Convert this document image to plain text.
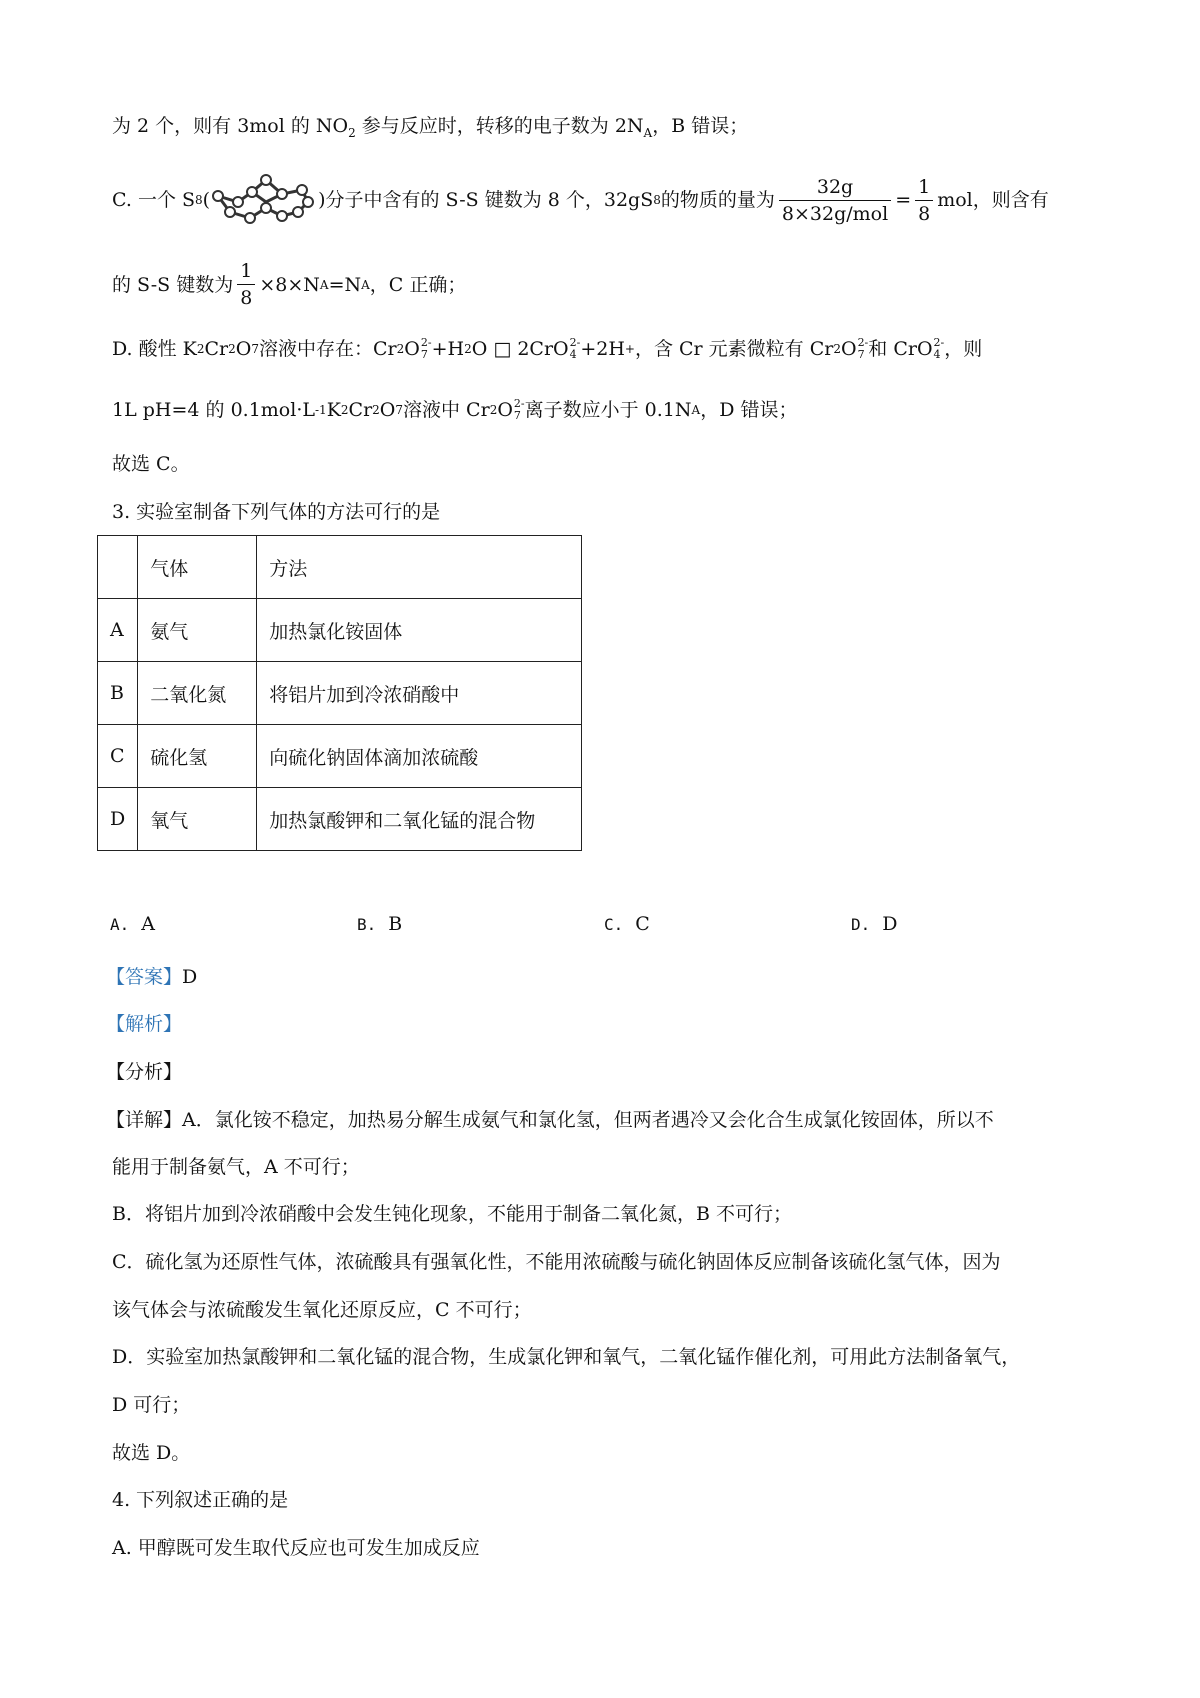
为 2 个，则有 3mol 的 $NO_2$ 参与反应时，转移的电子数为 $2N_A$，B 错误；
C. 一个 S 8 (	) 分子中含有的 S-S 键数为 8 个，32gS 8 的物质的量为 $\frac{32g}{\text{8×32g/mol}} = \frac{1}{8}$ mol，则含有
的 S-S 键数为 $\frac{1}{8} \times 8\times N$ A =N A ，C 正确；
D. 酸性 K 2 Cr 2 O 7 溶液中存在： Cr 2 O 2-
7 +H 2 O □ 2CrO 2-
4 +2H + ，含 Cr 元素微粒有 Cr 2 O 2-
7 和 CrO 2-
4 ，则
1L pH=4 的 0.1mol·L -1 K 2 Cr 2 O 7 溶液中 Cr 2 O 2-
7 离子数应小于 0.1N A ，D 错误；
故选 C。
3. 实验室制备下列气体的方法可行的是
	气体	方法
A	氨气	加热氯化铵固体
B	二氧化氮	将铝片加到冷浓硝酸中
C	硫化氢	向硫化钠固体滴加浓硫酸
D	氧气	加热氯酸钾和二氧化锰的混合物
A. A	B. B	C. C	D. D
【答案】D
【解析】
【分析】
【详解】A．氯化铵不稳定，加热易分解生成氨气和氯化氢，但两者遇冷又会化合生成氯化铵固体，所以不
能用于制备氨气，A 不可行；
B．将铝片加到冷浓硝酸中会发生钝化现象，不能用于制备二氧化氮，B 不可行；
C．硫化氢为还原性气体，浓硫酸具有强氧化性，不能用浓硫酸与硫化钠固体反应制备该硫化氢气体，因为
该气体会与浓硫酸发生氧化还原反应，C 不可行；
D．实验室加热氯酸钾和二氧化锰的混合物，生成氯化钾和氧气，二氧化锰作催化剂，可用此方法制备氧气，
D 可行；
故选 D。
4. 下列叙述正确的是
A. 甲醇既可发生取代反应也可发生加成反应
